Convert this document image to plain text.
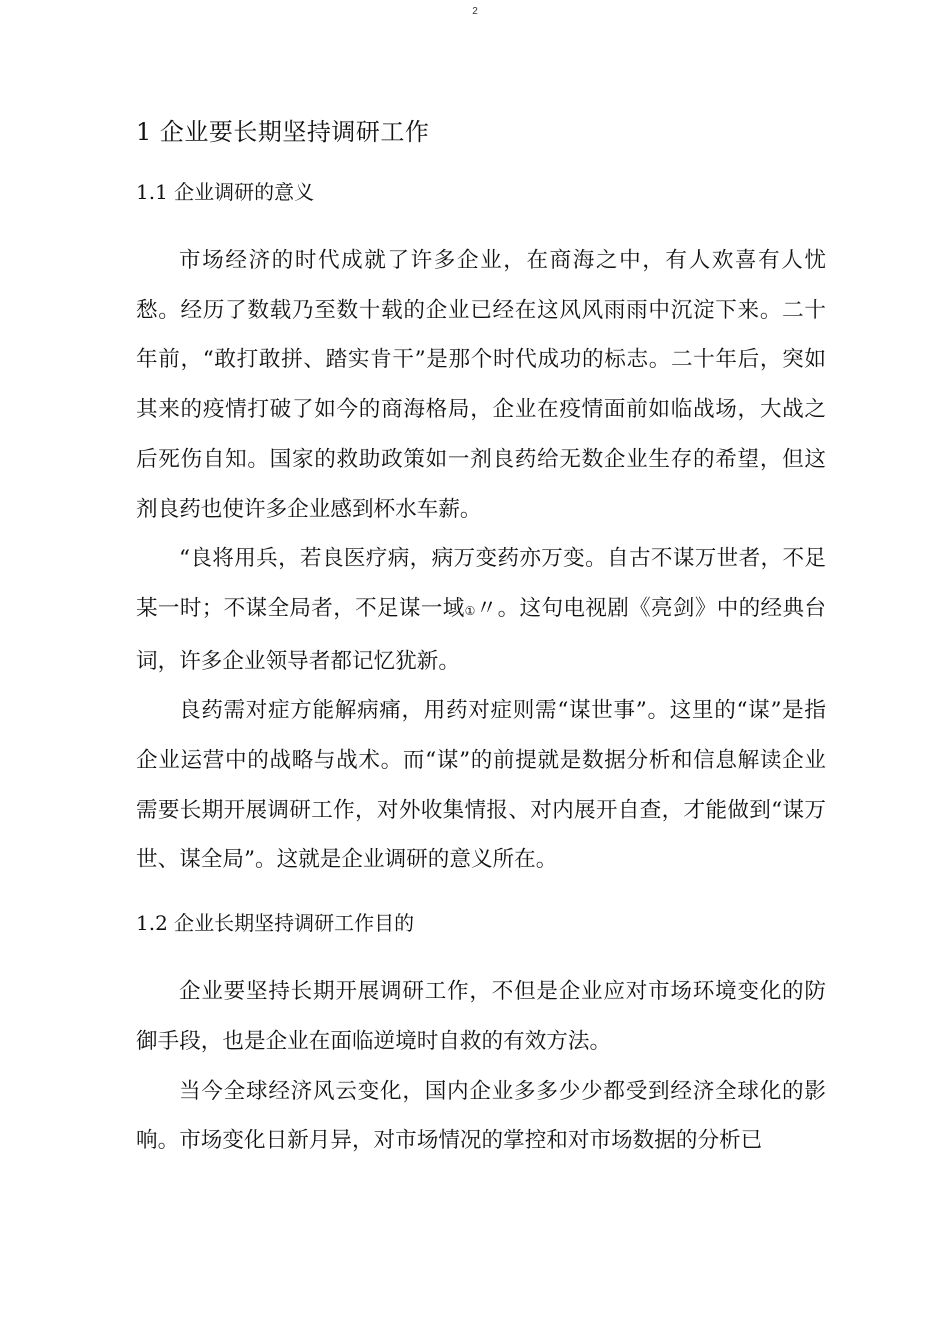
2
1 企业要长期坚持调研工作
1.1 企业调研的意义

市场经济的时代成就了许多企业，在商海之中，有人欢喜有人忧愁。经历了数载乃至数十载的企业已经在这风风雨雨中沉淀下来。二十年前，“敢打敢拼、踏实肯干”是那个时代成功的标志。二十年后，突如其来的疫情打破了如今的商海格局，企业在疫情面前如临战场，大战之后死伤自知。国家的救助政策如一剂良药给无数企业生存的希望，但这剂良药也使许多企业感到杯水车薪。

“良将用兵，若良医疗病，病万变药亦万变。自古不谋万世者，不足某一时；不谋全局者，不足谋一域①〃。这句电视剧《亮剑》中的经典台词，许多企业领导者都记忆犹新。

良药需对症方能解病痛，用药对症则需“谋世事”。这里的“谋”是指企业运营中的战略与战术。而“谋”的前提就是数据分析和信息解读企业需要长期开展调研工作，对外收集情报、对内展开自查，才能做到“谋万世、谋全局”。这就是企业调研的意义所在。

1.2 企业长期坚持调研工作目的

企业要坚持长期开展调研工作，不但是企业应对市场环境变化的防御手段，也是企业在面临逆境时自救的有效方法。

当今全球经济风云变化，国内企业多多少少都受到经济全球化的影响。市场变化日新月异，对市场情况的掌控和对市场数据的分析已
